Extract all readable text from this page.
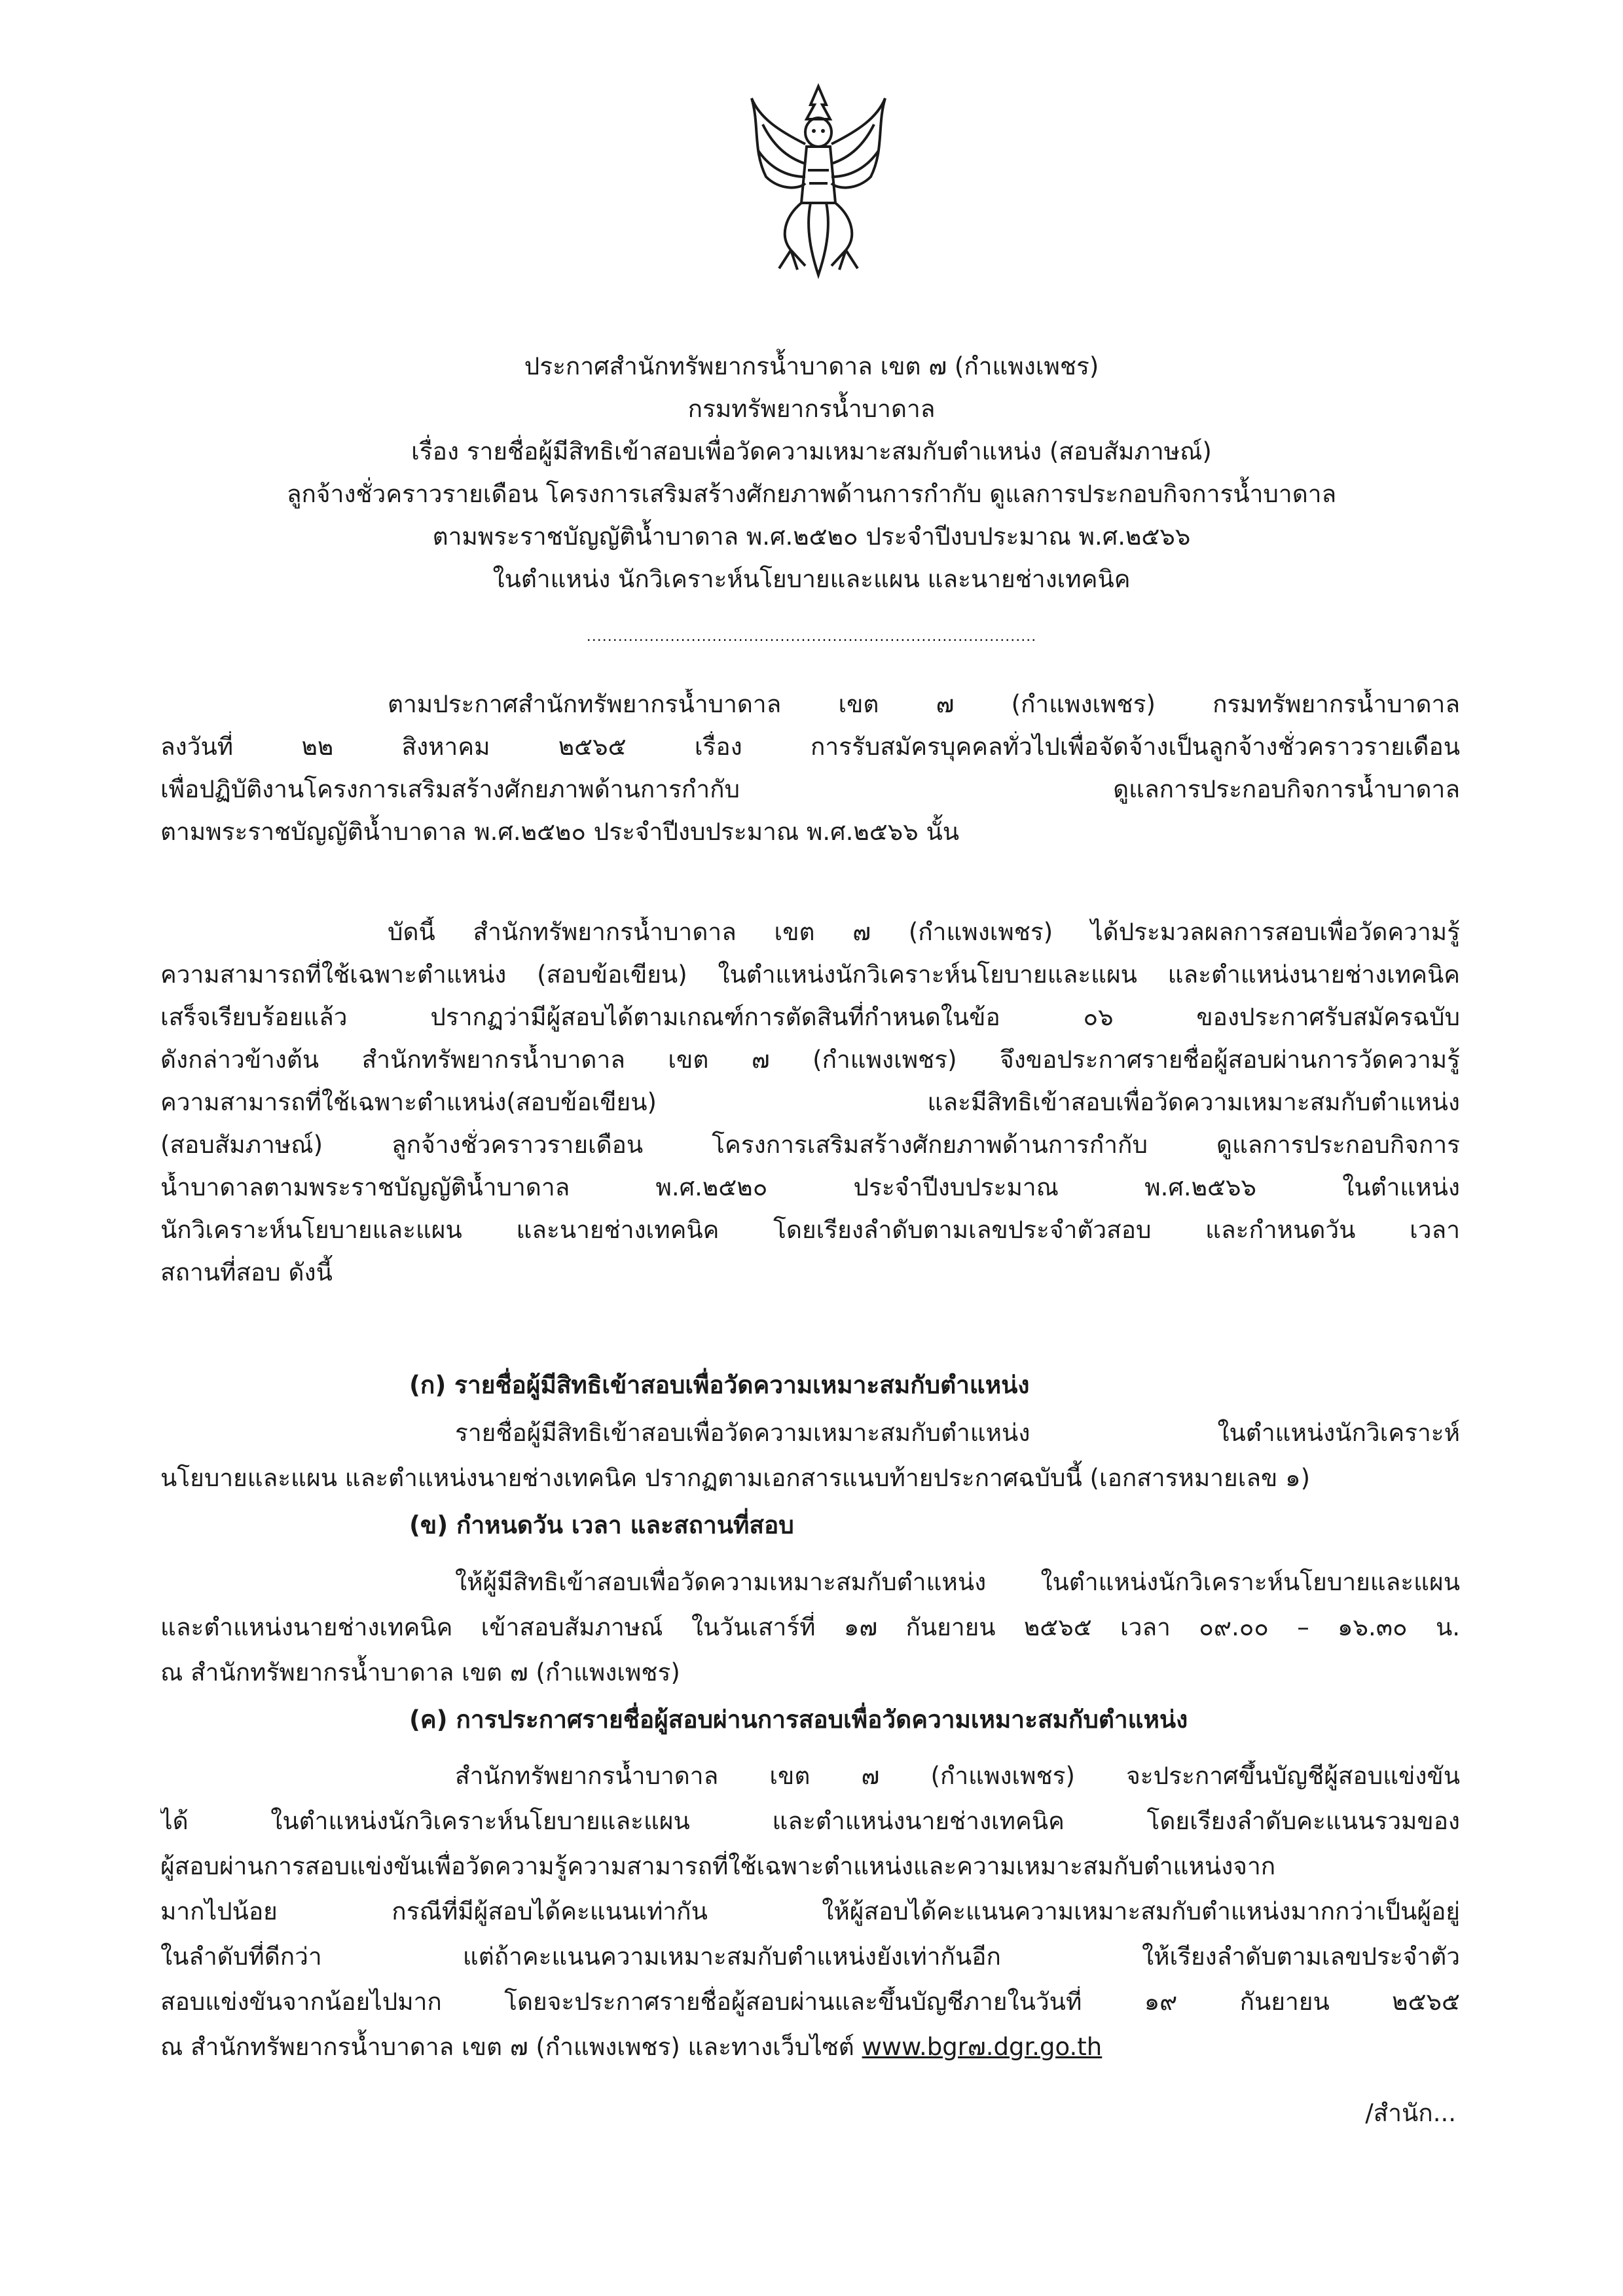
ประกาศสำนักทรัพยากรน้ำบาดาล เขต ๗ (กำแพงเพชร)
กรมทรัพยากรน้ำบาดาล
เรื่อง รายชื่อผู้มีสิทธิเข้าสอบเพื่อวัดความเหมาะสมกับตำแหน่ง (สอบสัมภาษณ์)
ลูกจ้างชั่วคราวรายเดือน โครงการเสริมสร้างศักยภาพด้านการกำกับ ดูแลการประกอบกิจการน้ำบาดาล
ตามพระราชบัญญัติน้ำบาดาล พ.ศ.๒๕๒๐ ประจำปีงบประมาณ พ.ศ.๒๕๖๖
ในตำแหน่ง นักวิเคราะห์นโยบายและแผน และนายช่างเทคนิค
......................................................................................
ตามประกาศสำนักทรัพยากรน้ำบาดาล เขต ๗ (กำแพงเพชร) กรมทรัพยากรน้ำบาดาล
ลงวันที่ ๒๒ สิงหาคม ๒๕๖๕ เรื่อง การรับสมัครบุคคลทั่วไปเพื่อจัดจ้างเป็นลูกจ้างชั่วคราวรายเดือน
เพื่อปฏิบัติงานโครงการเสริมสร้างศักยภาพด้านการกำกับ ดูแลการประกอบกิจการน้ำบาดาล
ตามพระราชบัญญัติน้ำบาดาล พ.ศ.๒๕๒๐ ประจำปีงบประมาณ พ.ศ.๒๕๖๖ นั้น
บัดนี้ สำนักทรัพยากรน้ำบาดาล เขต ๗ (กำแพงเพชร) ได้ประมวลผลการสอบเพื่อวัดความรู้
ความสามารถที่ใช้เฉพาะตำแหน่ง (สอบข้อเขียน) ในตำแหน่งนักวิเคราะห์นโยบายและแผน และตำแหน่งนายช่างเทคนิค
เสร็จเรียบร้อยแล้ว ปรากฏว่ามีผู้สอบได้ตามเกณฑ์การตัดสินที่กำหนดในข้อ ๐๖ ของประกาศรับสมัครฉบับ
ดังกล่าวข้างต้น สำนักทรัพยากรน้ำบาดาล เขต ๗ (กำแพงเพชร) จึงขอประกาศรายชื่อผู้สอบผ่านการวัดความรู้
ความสามารถที่ใช้เฉพาะตำแหน่ง(สอบข้อเขียน) และมีสิทธิเข้าสอบเพื่อวัดความเหมาะสมกับตำแหน่ง
(สอบสัมภาษณ์) ลูกจ้างชั่วคราวรายเดือน โครงการเสริมสร้างศักยภาพด้านการกำกับ ดูแลการประกอบกิจการ
น้ำบาดาลตามพระราชบัญญัติน้ำบาดาล พ.ศ.๒๕๒๐ ประจำปีงบประมาณ พ.ศ.๒๕๖๖ ในตำแหน่ง
นักวิเคราะห์นโยบายและแผน และนายช่างเทคนิค โดยเรียงลำดับตามเลขประจำตัวสอบ และกำหนดวัน เวลา
สถานที่สอบ ดังนี้
(ก) รายชื่อผู้มีสิทธิเข้าสอบเพื่อวัดความเหมาะสมกับตำแหน่ง
รายชื่อผู้มีสิทธิเข้าสอบเพื่อวัดความเหมาะสมกับตำแหน่ง ในตำแหน่งนักวิเคราะห์
นโยบายและแผน และตำแหน่งนายช่างเทคนิค ปรากฏตามเอกสารแนบท้ายประกาศฉบับนี้ (เอกสารหมายเลข ๑)
(ข) กำหนดวัน เวลา และสถานที่สอบ
ให้ผู้มีสิทธิเข้าสอบเพื่อวัดความเหมาะสมกับตำแหน่ง ในตำแหน่งนักวิเคราะห์นโยบายและแผน
และตำแหน่งนายช่างเทคนิค เข้าสอบสัมภาษณ์ ในวันเสาร์ที่ ๑๗ กันยายน ๒๕๖๕ เวลา ๐๙.๐๐ – ๑๖.๓๐ น.
ณ สำนักทรัพยากรน้ำบาดาล เขต ๗ (กำแพงเพชร)
(ค) การประกาศรายชื่อผู้สอบผ่านการสอบเพื่อวัดความเหมาะสมกับตำแหน่ง
สำนักทรัพยากรน้ำบาดาล เขต ๗ (กำแพงเพชร) จะประกาศขึ้นบัญชีผู้สอบแข่งขัน
ได้ ในตำแหน่งนักวิเคราะห์นโยบายและแผน และตำแหน่งนายช่างเทคนิค โดยเรียงลำดับคะแนนรวมของ
ผู้สอบผ่านการสอบแข่งขันเพื่อวัดความรู้ความสามารถที่ใช้เฉพาะตำแหน่งและความเหมาะสมกับตำแหน่งจาก
มากไปน้อย กรณีที่มีผู้สอบได้คะแนนเท่ากัน ให้ผู้สอบได้คะแนนความเหมาะสมกับตำแหน่งมากกว่าเป็นผู้อยู่
ในลำดับที่ดีกว่า แต่ถ้าคะแนนความเหมาะสมกับตำแหน่งยังเท่ากันอีก ให้เรียงลำดับตามเลขประจำตัว
สอบแข่งขันจากน้อยไปมาก โดยจะประกาศรายชื่อผู้สอบผ่านและขึ้นบัญชีภายในวันที่ ๑๙ กันยายน ๒๕๖๕
ณ สำนักทรัพยากรน้ำบาดาล เขต ๗ (กำแพงเพชร) และทางเว็บไซต์ www.bgr๗.dgr.go.th
/สำนัก...
